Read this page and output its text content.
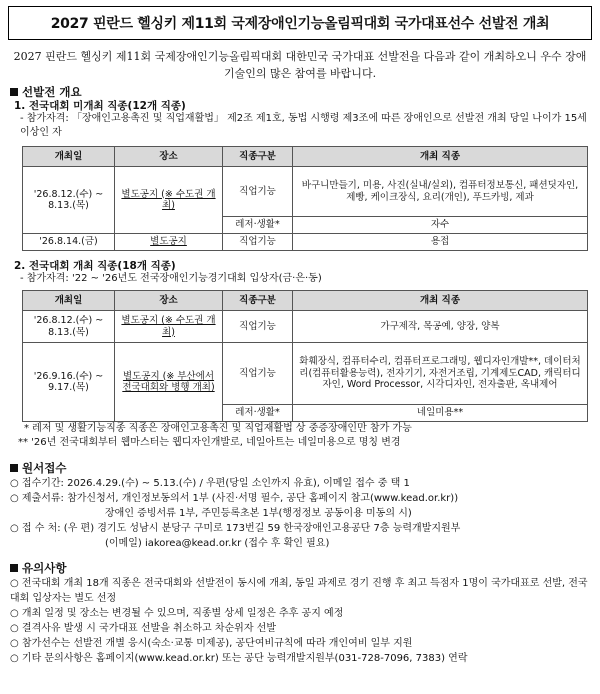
2027 핀란드 헬싱키 제11회 국제장애인기능올림픽대회 국가대표선수 선발전 개최
2027 핀란드 헬싱키 제11회 국제장애인기능올림픽대회 대한민국 국가대표 선발전을 다음과 같이 개최하오니 우수 장애 기술인의 많은 참여를 바랍니다.
선발전 개요
1. 전국대회 미개최 직종(12개 직종)
- 참가자격: 「장애인고용촉진 및 직업재활법」 제2조 제1호, 동법 시행령 제3조에 따른 장애인으로 선발전 개최 당일 나이가 15세 이상인 자
개최일	장소	직종구분	개최 직종
'26.8.12.(수) ~ 8.13.(목)	별도공지 (※ 수도권 개최)	직업기능	바구니만들기, 미용, 사진(실내/실외), 컴퓨터정보통신, 패션딧자인, 제빵, 케이크장식, 요리(개인), 푸드카빙, 제과
		레저·생활*	자수
'26.8.14.(금)	별도공지	직업기능	용접
2. 전국대회 개최 직종(18개 직종)
- 참가자격: '22 ~ '26년도 전국장애인기능경기대회 입상자(금·은·동)
개최일	장소	직종구분	개최 직종
'26.8.12.(수) ~ 8.13.(목)	별도공지 (※ 수도권 개최)	직업기능	가구제작, 목공예, 양장, 양복
'26.9.16.(수) ~ 9.17.(목)	별도공지 (※ 부산에서 전국대회와 병행 개최)	직업기능	화훼장식, 컴퓨터수리, 컴퓨터프로그래밍, 웹디자인개발**, 데이터처리(컴퓨터활용능력), 전자기기, 자전거조립, 기계제도CAD, 캐릭터디자인, Word Processor, 시각디자인, 전자출판, 옥내제어
		레저·생활*	네일미용**
* 레저 및 생활기능직종 직종은 장애인고용촉진 및 직업재활법 상 중증장애인만 참가 가능
** '26년 전국대회부터 웹마스터는 웹디자인개발로, 네일아트는 네일미용으로 명칭 변경
원서접수
○ 접수기간: 2026.4.29.(수) ~ 5.13.(수) / 우편(당일 소인까지 유효), 이메일 접수 중 택 1
○ 제출서류: 참가신청서, 개인정보동의서 1부 (사진·서명 필수, 공단 홈페이지 참고(www.kead.or.kr))
장애인 증빙서류 1부, 주민등록초본 1부(행정정보 공동이용 미동의 시)
○ 접 수 처: (우 편) 경기도 성남시 분당구 구미로 173번길 59 한국장애인고용공단 7층 능력개발지원부
(이메일) iakorea@kead.or.kr (접수 후 확인 필요)
유의사항
○ 전국대회 개최 18개 직종은 전국대회와 선발전이 동시에 개최, 동일 과제로 경기 진행 후 최고 득점자 1명이 국가대표로 선발, 전국대회 입상자는 별도 선정
○ 개최 일정 및 장소는 변경될 수 있으며, 직종별 상세 일정은 추후 공지 예정
○ 결격사유 발생 시 국가대표 선발을 취소하고 차순위자 선발
○ 참가선수는 선발전 개별 응시(숙소·교통 미제공), 공단여비규칙에 따라 개인여비 일부 지원
○ 기타 문의사항은 홈페이지(www.kead.or.kr) 또는 공단 능력개발지원부(031-728-7096, 7383) 연락
